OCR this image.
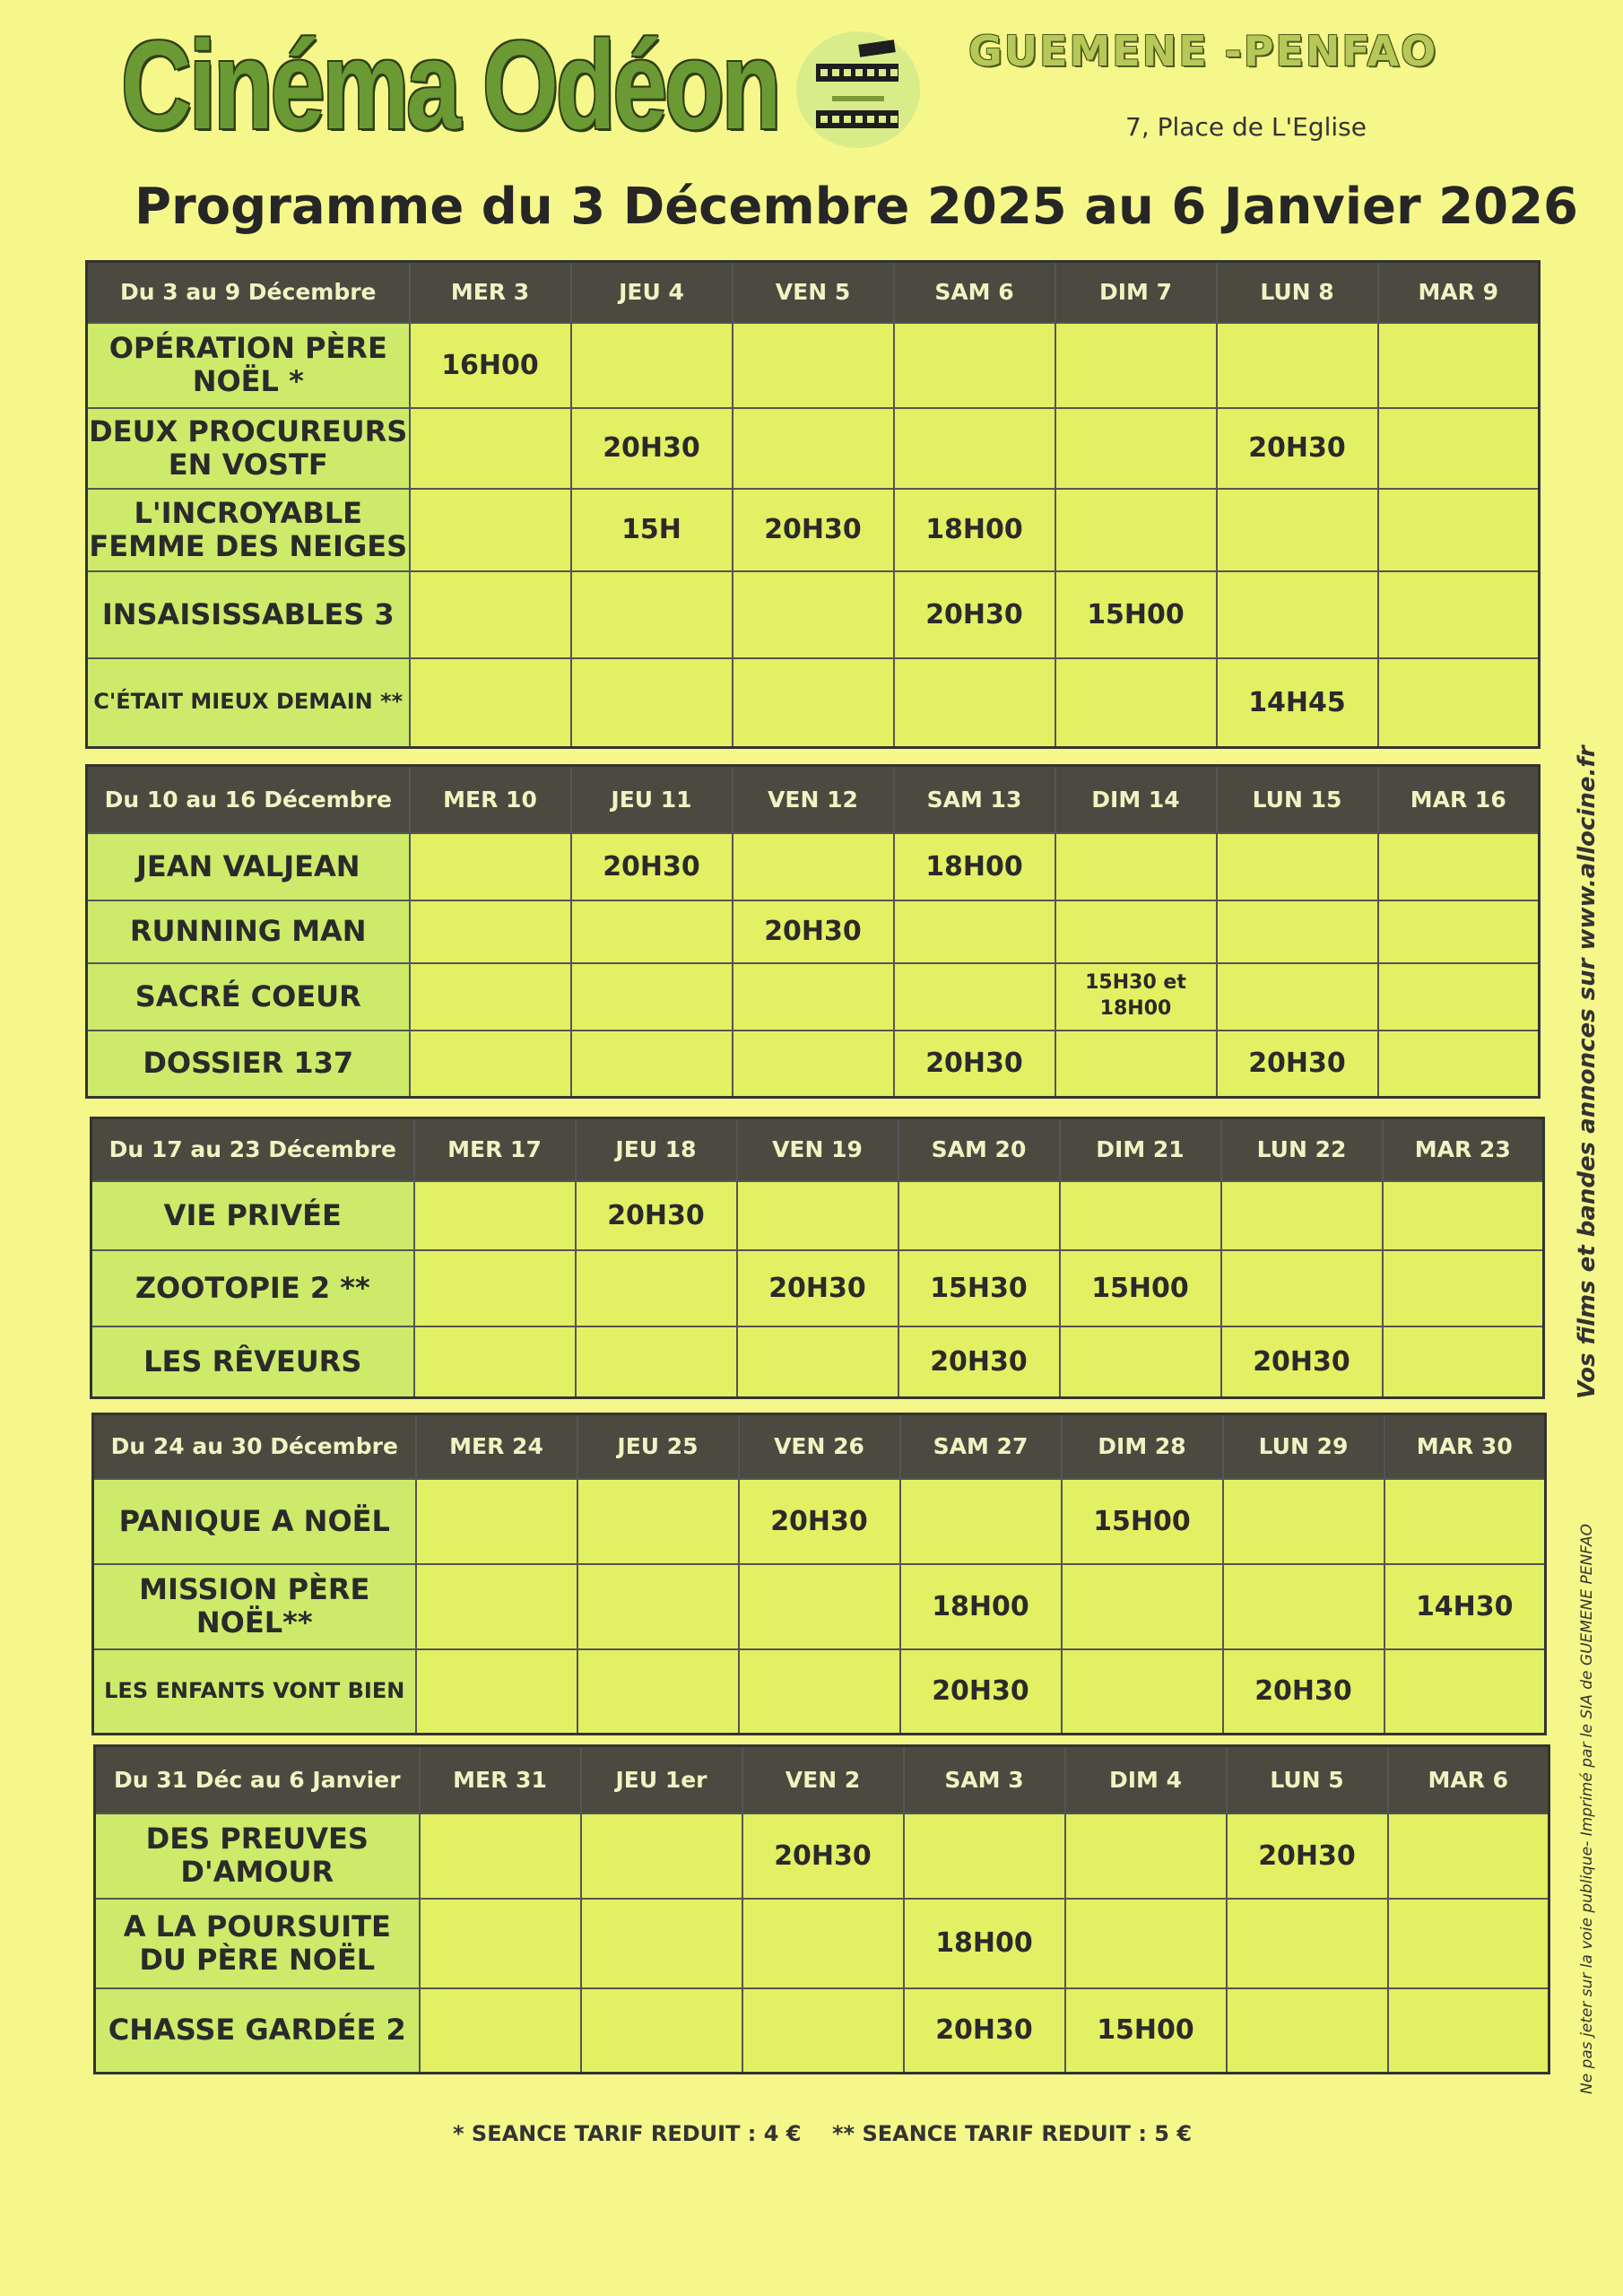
Cinéma Odéon	GUEMENE -PENFAO
7, Place de L'Eglise
Programme du 3 Décembre 2025 au 6 Janvier 2026
Du 3 au 9 Décembre	MER 3	JEU 4	VEN 5	SAM 6	DIM 7	LUN 8	MAR 9
OPÉRATION PÈRE NOËL *	16H00						
DEUX PROCUREURS EN VOSTF		20H30				20H30	
L'INCROYABLE FEMME DES NEIGES		15H	20H30	18H00			
INSAISISSABLES 3				20H30	15H00		
C'ÉTAIT MIEUX DEMAIN **						14H45	
Du 10 au 16 Décembre	MER 10	JEU 11	VEN 12	SAM 13	DIM 14	LUN 15	MAR 16
JEAN VALJEAN		20H30		18H00			
RUNNING MAN			20H30				
SACRÉ COEUR					15H30 et 18H00		
DOSSIER 137				20H30		20H30	
Du 17 au 23 Décembre	MER 17	JEU 18	VEN 19	SAM 20	DIM 21	LUN 22	MAR 23
VIE PRIVÉE		20H30					
ZOOTOPIE 2 **			20H30	15H30	15H00		
LES RÊVEURS				20H30		20H30	
Du 24 au 30 Décembre	MER 24	JEU 25	VEN 26	SAM 27	DIM 28	LUN 29	MAR 30
PANIQUE A NOËL			20H30		15H00		
MISSION PÈRE NOËL**				18H00			14H30
LES ENFANTS VONT BIEN				20H30		20H30	
Du 31 Déc au 6 Janvier	MER 31	JEU 1er	VEN 2	SAM 3	DIM 4	LUN 5	MAR 6
DES PREUVES D'AMOUR			20H30			20H30	
A LA POURSUITE DU PÈRE NOËL				18H00			
CHASSE GARDÉE 2				20H30	15H00		
Vos films et bandes annonces sur www.allocine.fr
Ne pas jeter sur la voie publique- Imprimé par le SIA de GUEMENE PENFAO
* SEANCE TARIF REDUIT : 4 € ** SEANCE TARIF REDUIT : 5 €
